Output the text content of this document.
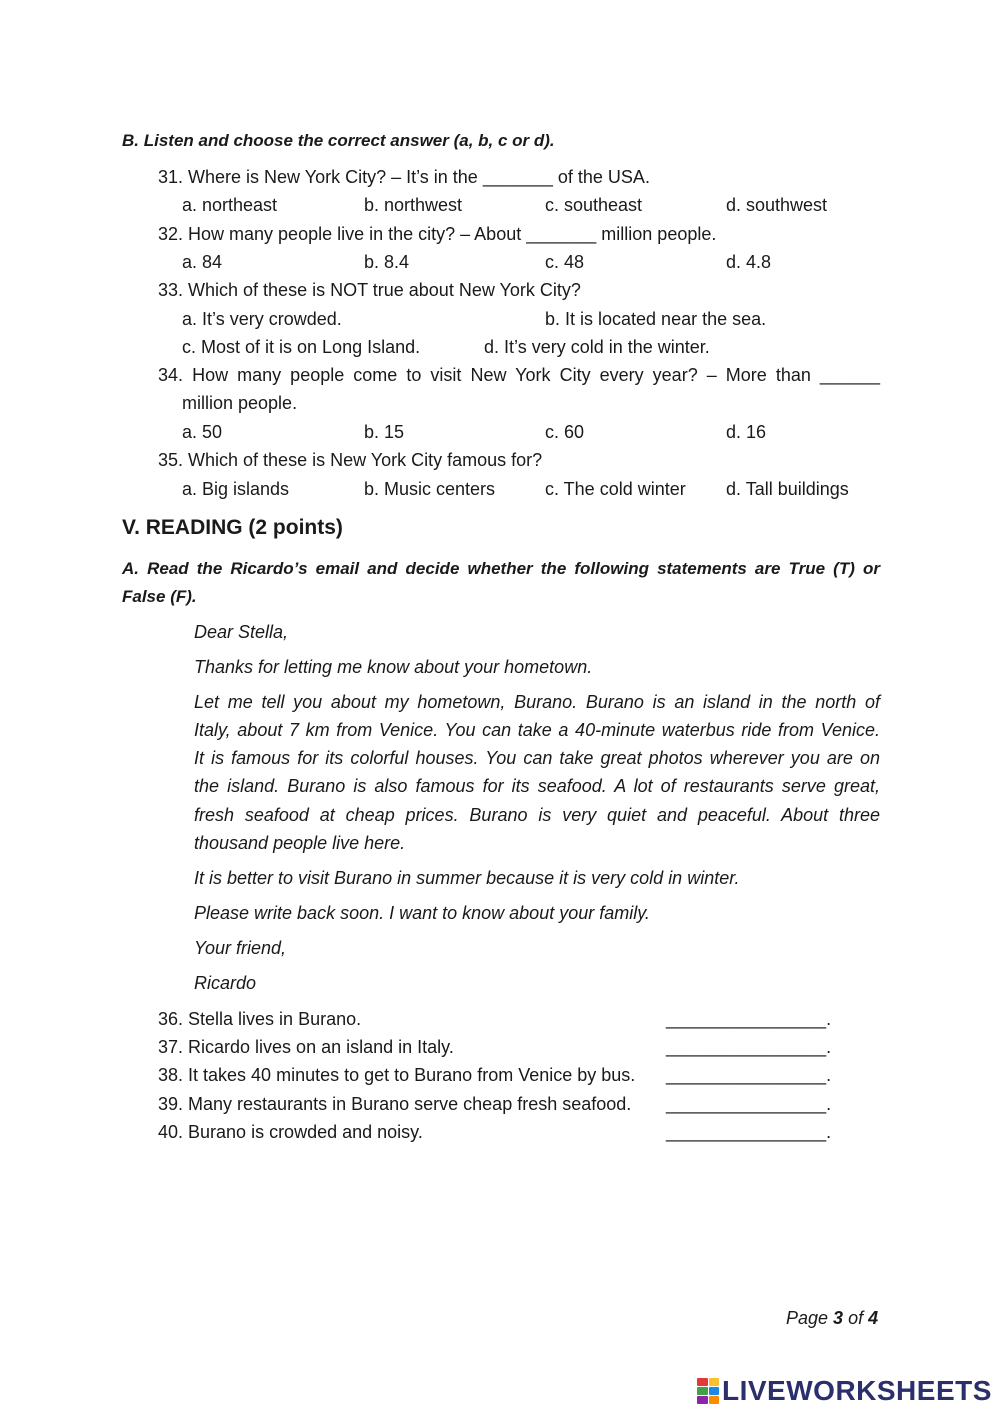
B. Listen and choose the correct answer (a, b, c or d).
31. Where is New York City? – It’s in the _______ of the USA.
a. northeast	b. northwest	c. southeast	d. southwest
32. How many people live in the city? – About _______ million people.
a. 84	b. 8.4	c. 48	d. 4.8
33. Which of these is NOT true about New York City?
a. It’s very crowded.	b. It is located near the sea.
c. Most of it is on Long Island.	d. It’s very cold in the winter.
34. How many people come to visit New York City every year? – More than ______
million people.
a. 50	b. 15	c. 60	d. 16
35. Which of these is New York City famous for?
a. Big islands	b. Music centers	c. The cold winter d. Tall buildings
V. READING (2 points)
A. Read the Ricardo’s email and decide whether the following statements are True (T) or
False (F).
Dear Stella,
Thanks for letting me know about your hometown.
Let me tell you about my hometown, Burano. Burano is an island in the north of
Italy, about 7 km from Venice. You can take a 40-minute waterbus ride from Venice.
It is famous for its colorful houses. You can take great photos wherever you are on
the island. Burano is also famous for its seafood. A lot of restaurants serve great,
fresh seafood at cheap prices. Burano is very quiet and peaceful. About three
thousand people live here.
It is better to visit Burano in summer because it is very cold in winter.
Please write back soon. I want to know about your family.
Your friend,
Ricardo
36. Stella lives in Burano.	________________.
37. Ricardo lives on an island in Italy.	________________.
38. It takes 40 minutes to get to Burano from Venice by bus. ________________.
39. Many restaurants in Burano serve cheap fresh seafood. ________________.
40. Burano is crowded and noisy.	________________.
Page 3 of 4
LIVEWORKSHEETS
